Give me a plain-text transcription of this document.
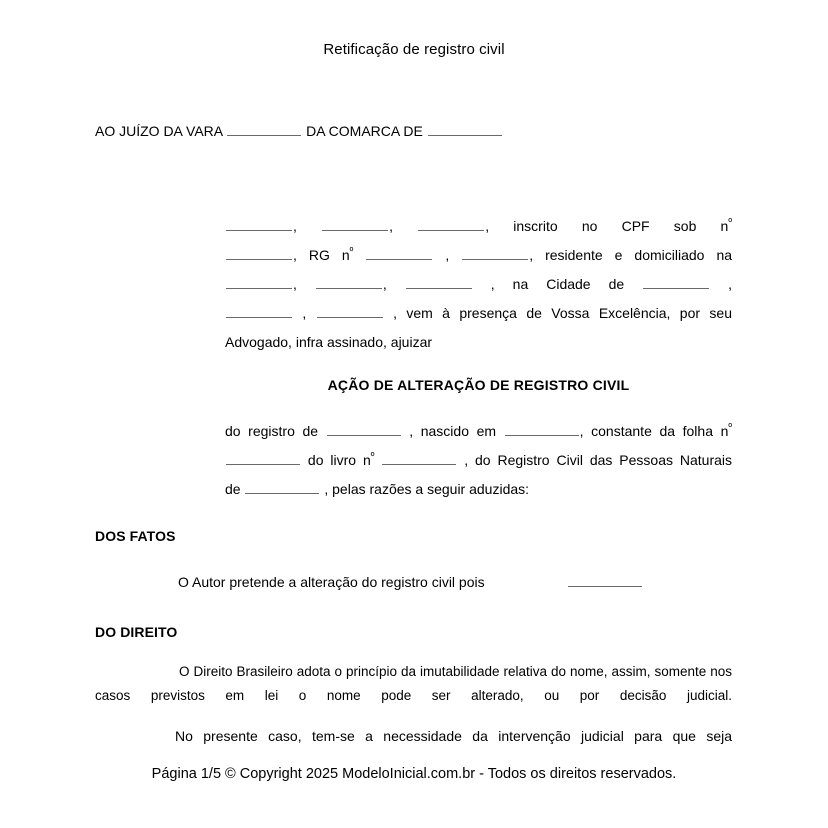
Retificação de registro civil
AO JUÍZO DA VARA	DA COMARCA DE

,	,	, inscrito no CPF sob $n^º$

, RG $n^º$	,	, residente e domiciliado na

,	,	, na Cidade de	,

,	, vem à presença de Vossa Excelência, por seu

Advogado, infra assinado, ajuizar

AÇÃO DE ALTERAÇÃO DE REGISTRO CIVIL

do registro de	, nascido em	, constante da folha $n^º$

do livro $n^º$	, do Registro Civil das Pessoas Naturais

de	, pelas razões a seguir aduzidas:

DOS FATOS
O Autor pretende a alteração do registro civil pois
DO DIREITO

O Direito Brasileiro adota o princípio da imutabilidade relativa do nome, assim, somente nos casos previstos em lei o nome pode ser alterado, ou por decisão judicial.

No presente caso, tem-se a necessidade da intervenção judicial para que seja
Página 1/5 © Copyright 2025 ModeloInicial.com.br - Todos os direitos reservados.
